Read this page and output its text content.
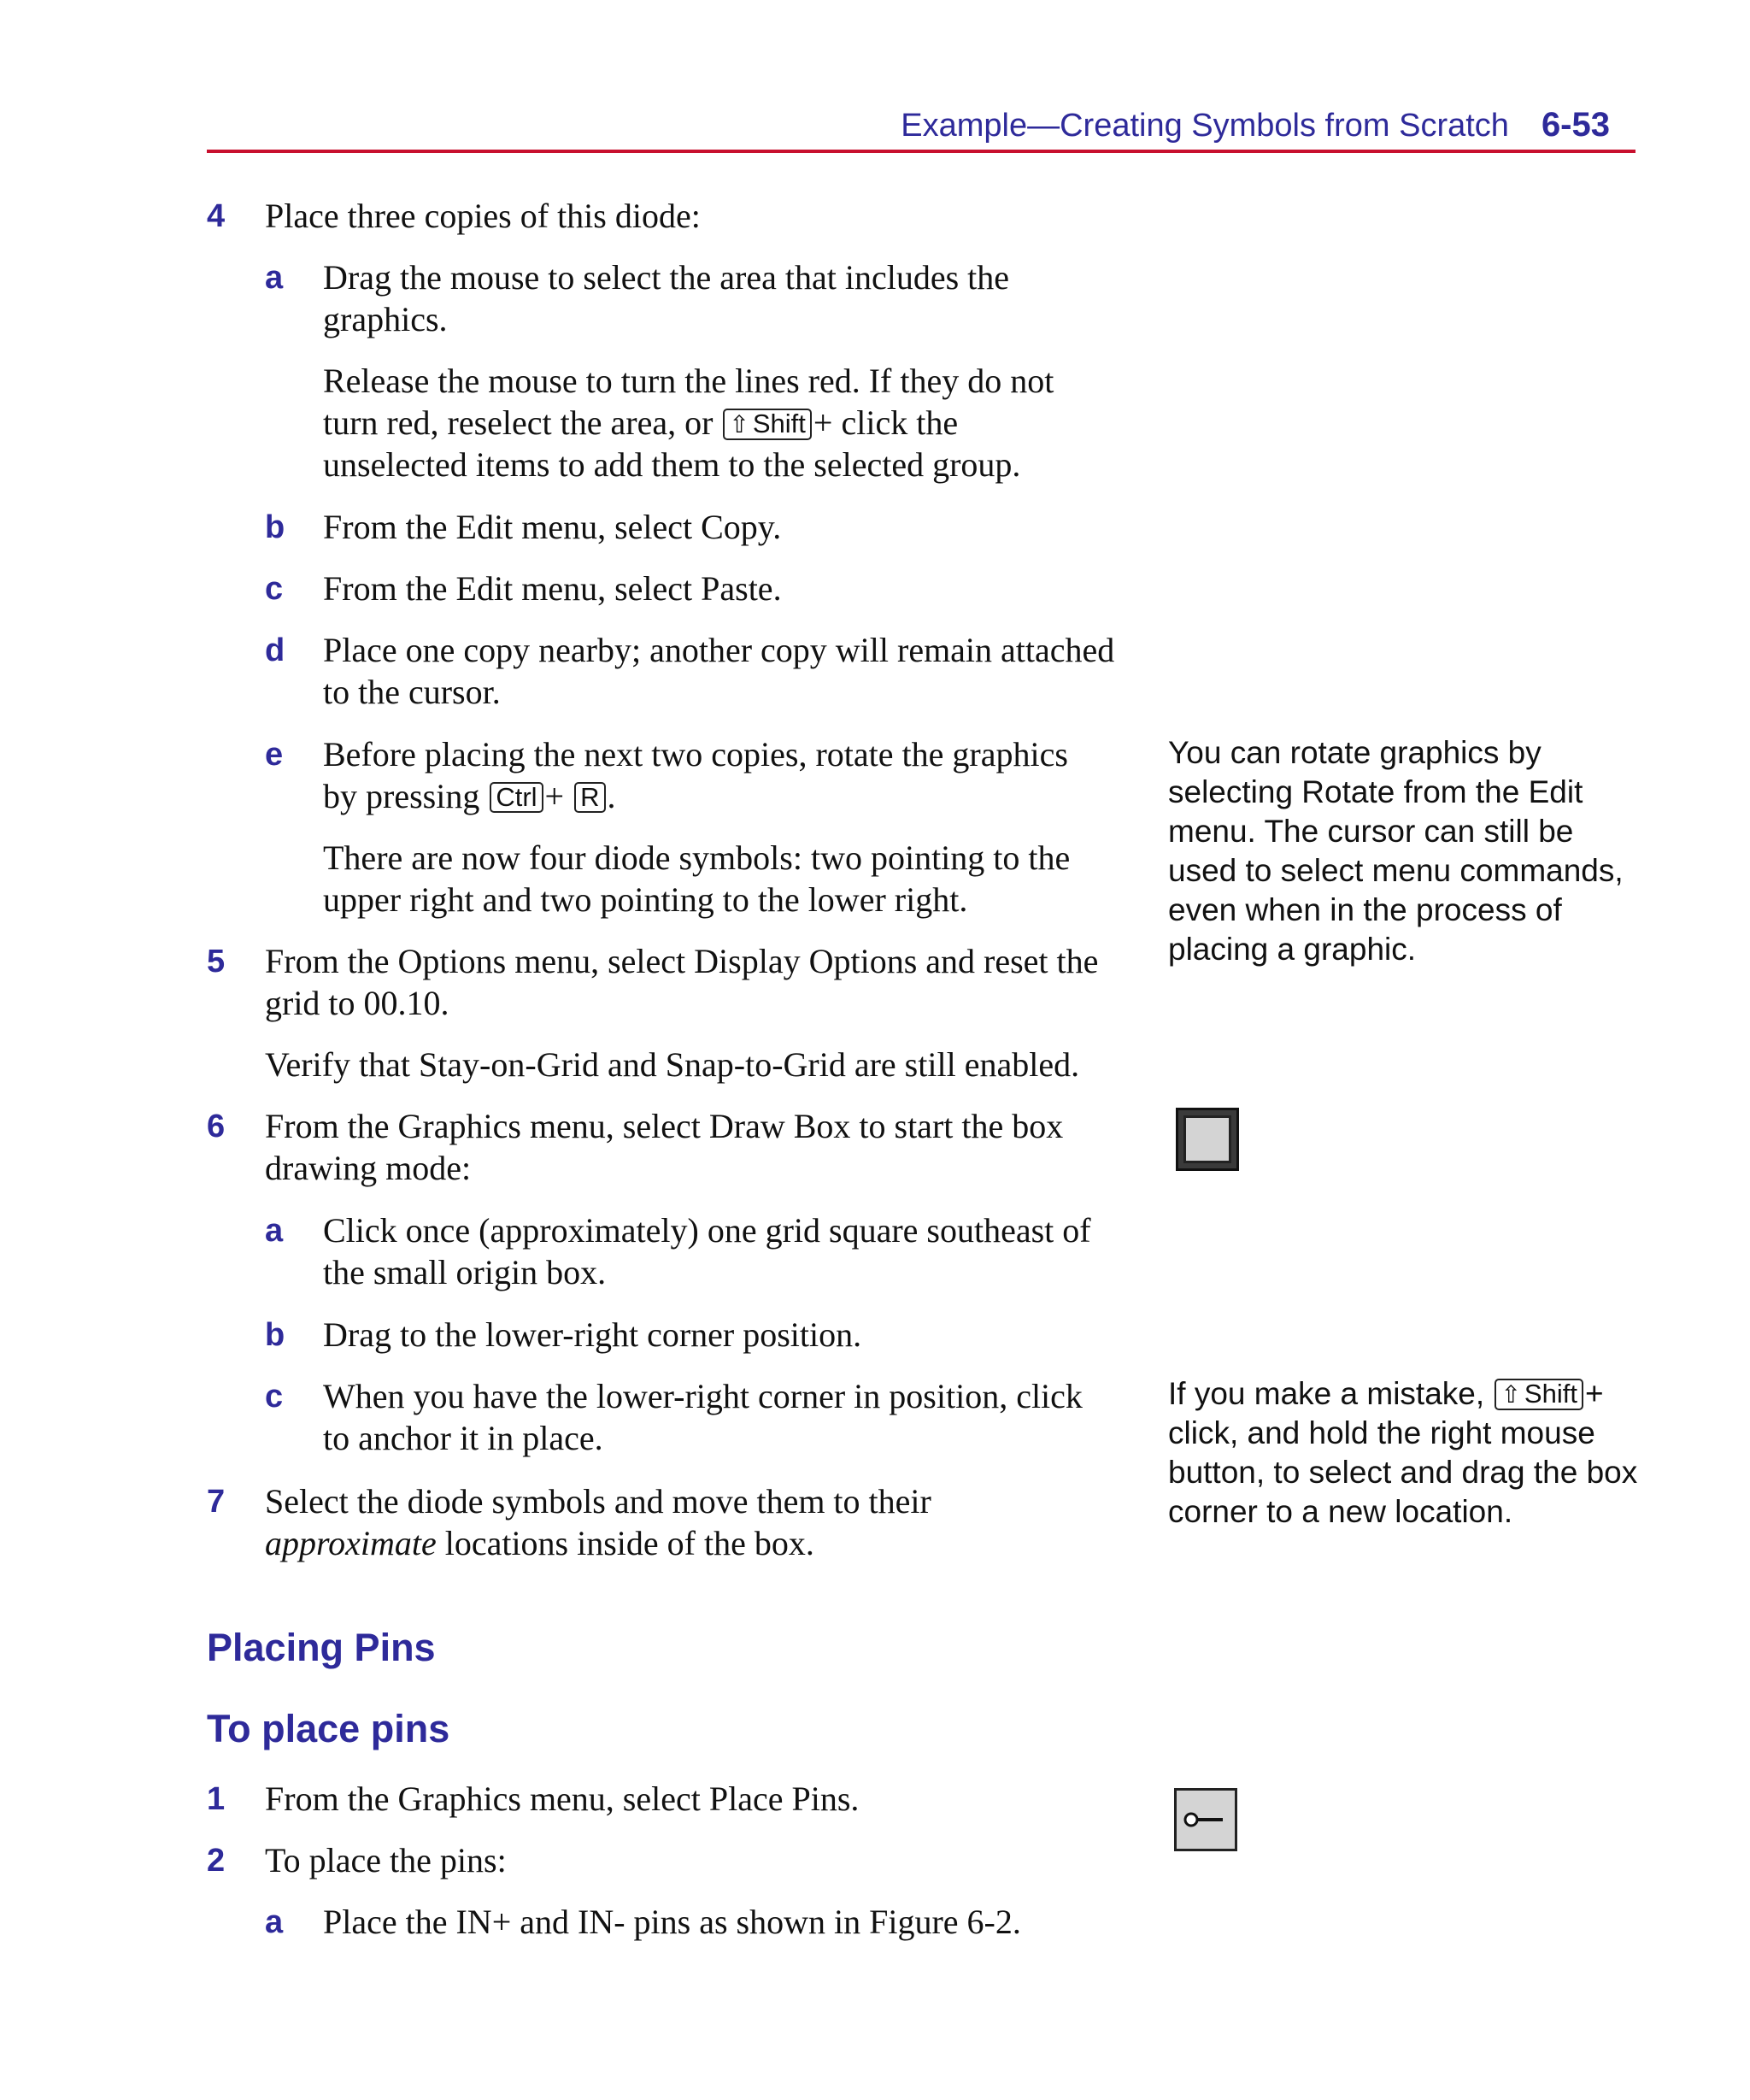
Example—Creating Symbols from Scratch 6-53
4 Place three copies of this diode:
a Drag the mouse to select the area that includes the graphics.
Release the mouse to turn the lines red. If they do not
turn red, reselect the area, or ⇧ Shift + click the
unselected items to add them to the selected group.
b From the Edit menu, select Copy.
c From the Edit menu, select Paste.
d Place one copy nearby; another copy will remain attached to the cursor.
e Before placing the next two copies, rotate the graphics
by pressing Ctrl + R .
There are now four diode symbols: two pointing to the upper right and two pointing to the lower right.
You can rotate graphics by selecting Rotate from the Edit menu. The cursor can still be used to select menu commands, even when in the process of placing a graphic.
5 From the Options menu, select Display Options and reset the grid to 00.10.
Verify that Stay-on-Grid and Snap-to-Grid are still enabled.
6 From the Graphics menu, select Draw Box to start the box drawing mode:
a Click once (approximately) one grid square southeast of the small origin box.
b Drag to the lower-right corner position.
c When you have the lower-right corner in position, click to anchor it in place.
If you make a mistake, ⇧ Shift + click, and hold the right mouse button, to select and drag the box corner to a new location.
7 Select the diode symbols and move them to their approximate locations inside of the box.
Placing Pins
To place pins
1 From the Graphics menu, select Place Pins.
2 To place the pins:
a Place the IN+ and IN- pins as shown in Figure 6-2.
